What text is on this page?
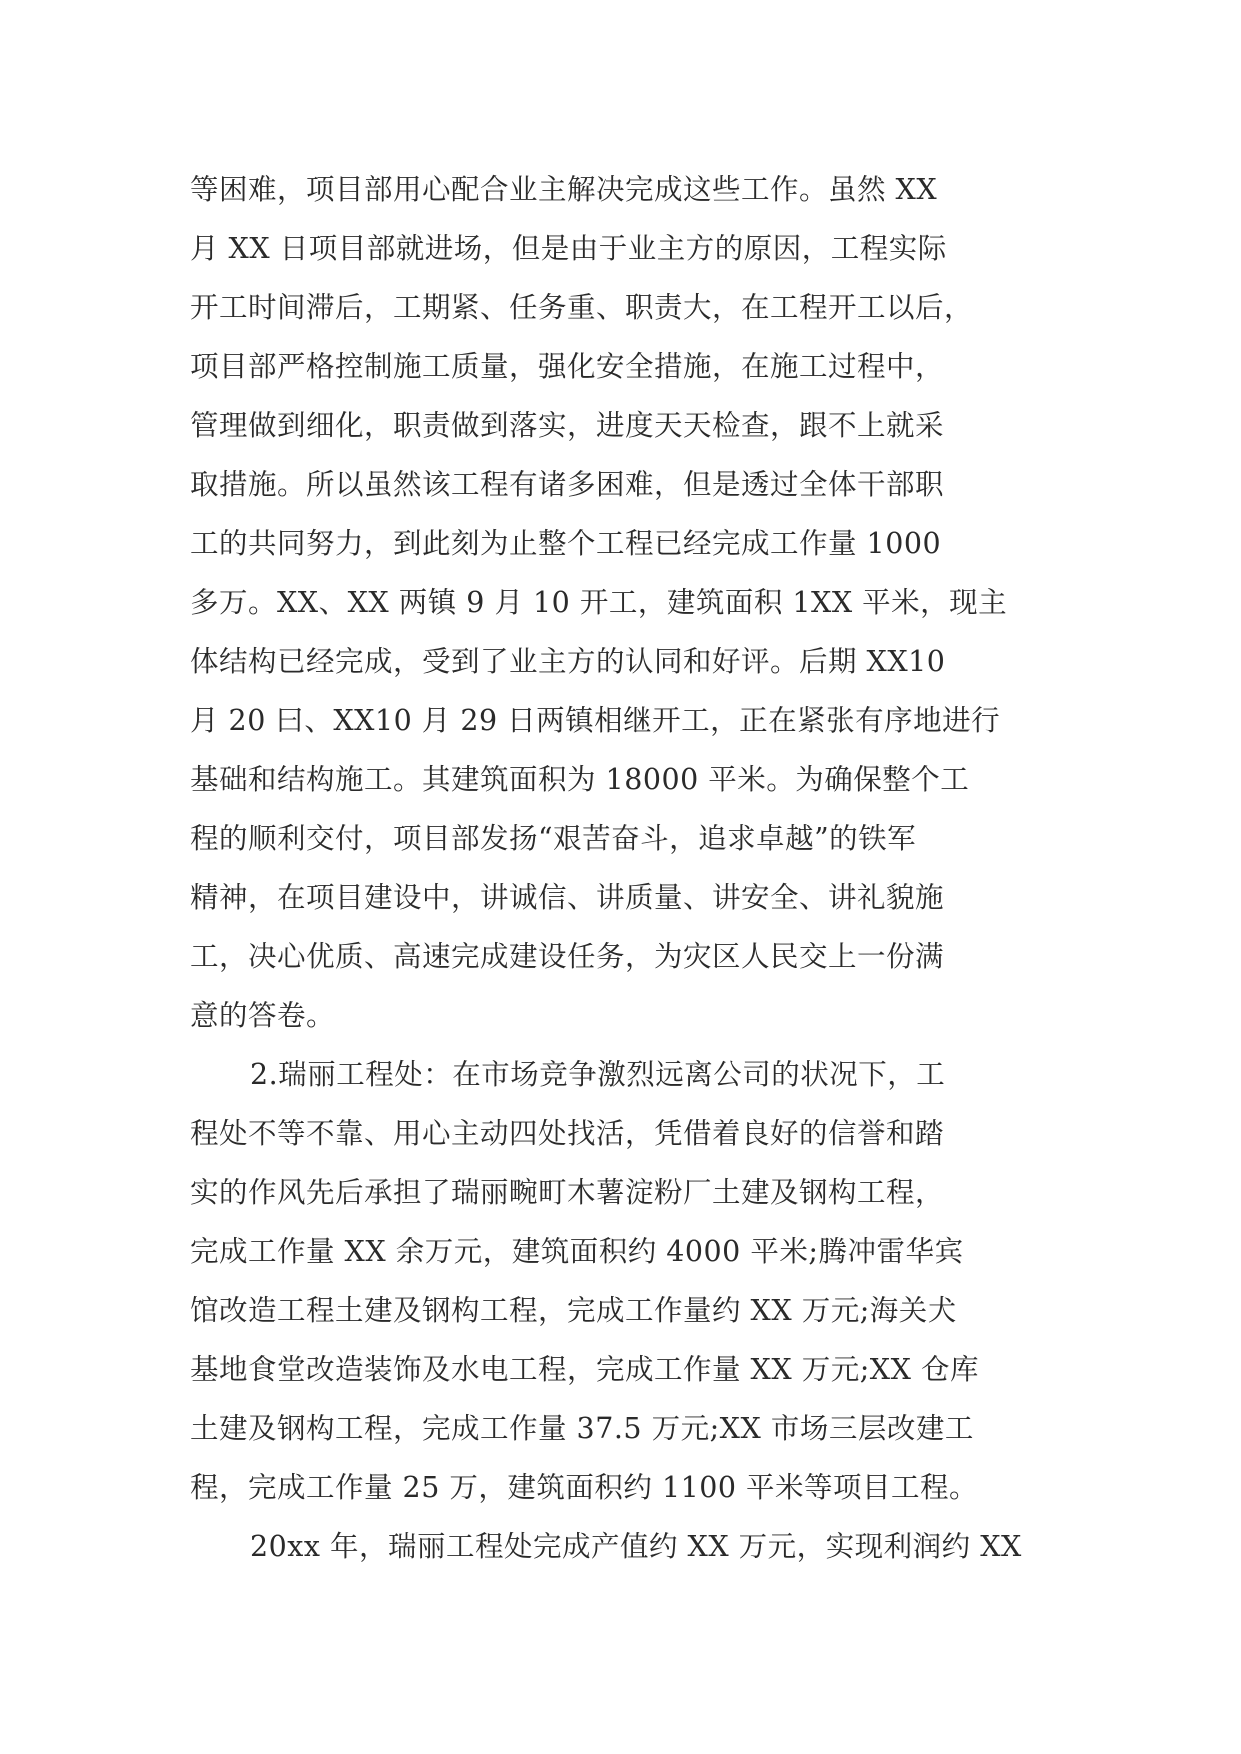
等困难，项目部用心配合业主解决完成这些工作。虽然 XX
月 XX 日项目部就进场，但是由于业主方的原因，工程实际
开工时间滞后，工期紧、任务重、职责大，在工程开工以后，
项目部严格控制施工质量，强化安全措施，在施工过程中，
管理做到细化，职责做到落实，进度天天检查，跟不上就采
取措施。所以虽然该工程有诸多困难，但是透过全体干部职
工的共同努力，到此刻为止整个工程已经完成工作量 1000
多万。XX、XX 两镇 9 月 10 开工，建筑面积 1XX 平米，现主
体结构已经完成，受到了业主方的认同和好评。后期 XX10
月 20 曰、XX10 月 29 日两镇相继开工，正在紧张有序地进行
基础和结构施工。其建筑面积为 18000 平米。为确保整个工
程的顺利交付，项目部发扬“艰苦奋斗，追求卓越”的铁军
精神，在项目建设中，讲诚信、讲质量、讲安全、讲礼貌施
工，决心优质、高速完成建设任务，为灾区人民交上一份满
意的答卷。
2.瑞丽工程处：在市场竞争激烈远离公司的状况下，工
程处不等不靠、用心主动四处找活，凭借着良好的信誉和踏
实的作风先后承担了瑞丽畹町木薯淀粉厂土建及钢构工程，
完成工作量 XX 余万元，建筑面积约 4000 平米;腾冲雷华宾
馆改造工程土建及钢构工程，完成工作量约 XX 万元;海关犬
基地食堂改造装饰及水电工程，完成工作量 XX 万元;XX 仓库
土建及钢构工程，完成工作量 37.5 万元;XX 市场三层改建工
程，完成工作量 25 万，建筑面积约 1100 平米等项目工程。
20xx 年，瑞丽工程处完成产值约 XX 万元，实现利润约 XX
